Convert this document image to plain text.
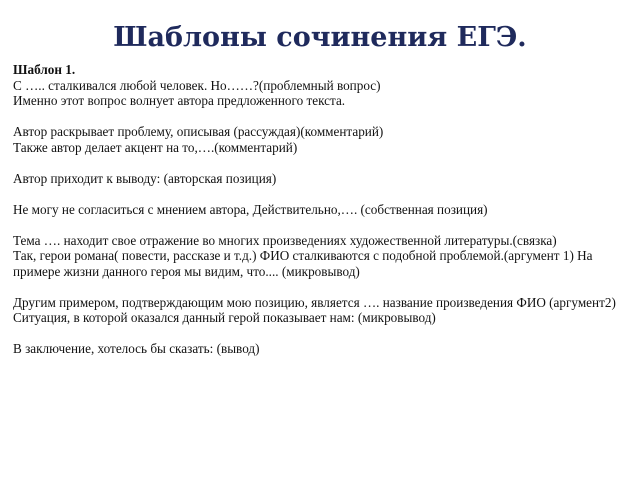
Шаблоны сочинения ЕГЭ.
Шаблон 1.
С ….. сталкивался любой человек. Но……?(проблемный вопрос)
Именно этот вопрос волнует автора предложенного текста.
Автор раскрывает проблему, описывая (рассуждая)(комментарий)
Также автор делает акцент на то,….(комментарий)
Автор приходит к выводу: (авторская позиция)
Не могу не согласиться с мнением автора, Действительно,…. (собственная позиция)
Тема …. находит свое отражение во многих произведениях художественной литературы.(связка)
Так, герои романа( повести, рассказе и т.д.) ФИО сталкиваются с подобной проблемой.(аргумент 1) На примере жизни данного героя мы видим, что.... (микровывод)
Другим примером, подтверждающим мою позицию, является …. название произведения ФИО (аргумент2)
Ситуация, в которой оказался данный герой показывает нам: (микровывод)
В заключение, хотелось бы сказать: (вывод)
